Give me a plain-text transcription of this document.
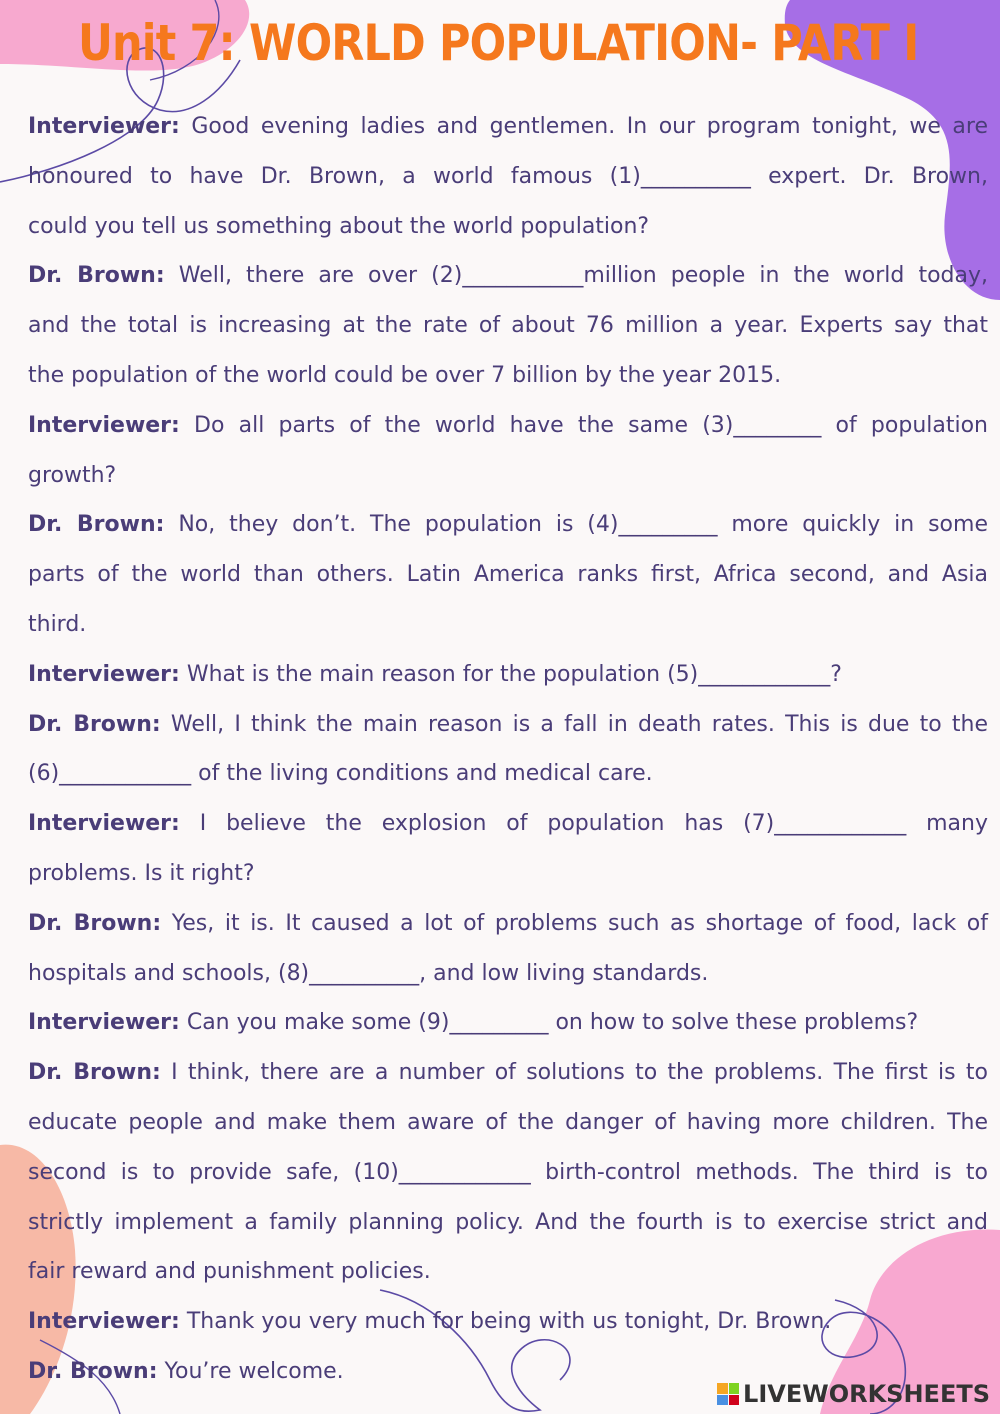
Unit 7: WORLD POPULATION- PART I
Interviewer: Good evening ladies and gentlemen. In our program tonight, we are
honoured to have Dr. Brown, a world famous (1)__________ expert. Dr. Brown,
could you tell us something about the world population?
Dr. Brown: Well, there are over (2)___________million people in the world today,
and the total is increasing at the rate of about 76 million a year. Experts say that
the population of the world could be over 7 billion by the year 2015.
Interviewer: Do all parts of the world have the same (3)________ of population
growth?
Dr. Brown: No, they don’t. The population is (4)_________ more quickly in some
parts of the world than others. Latin America ranks first, Africa second, and Asia
third.
Interviewer: What is the main reason for the population (5)____________?
Dr. Brown: Well, I think the main reason is a fall in death rates. This is due to the
(6)____________ of the living conditions and medical care.
Interviewer: I believe the explosion of population has (7)____________ many
problems. Is it right?
Dr. Brown: Yes, it is. It caused a lot of problems such as shortage of food, lack of
hospitals and schools, (8)__________, and low living standards.
Interviewer: Can you make some (9)_________ on how to solve these problems?
Dr. Brown: I think, there are a number of solutions to the problems. The first is to
educate people and make them aware of the danger of having more children. The
second is to provide safe, (10)____________ birth-control methods. The third is to
strictly implement a family planning policy. And the fourth is to exercise strict and
fair reward and punishment policies.
Interviewer: Thank you very much for being with us tonight, Dr. Brown.
Dr. Brown: You’re welcome.
LIVEWORKSHEETS
